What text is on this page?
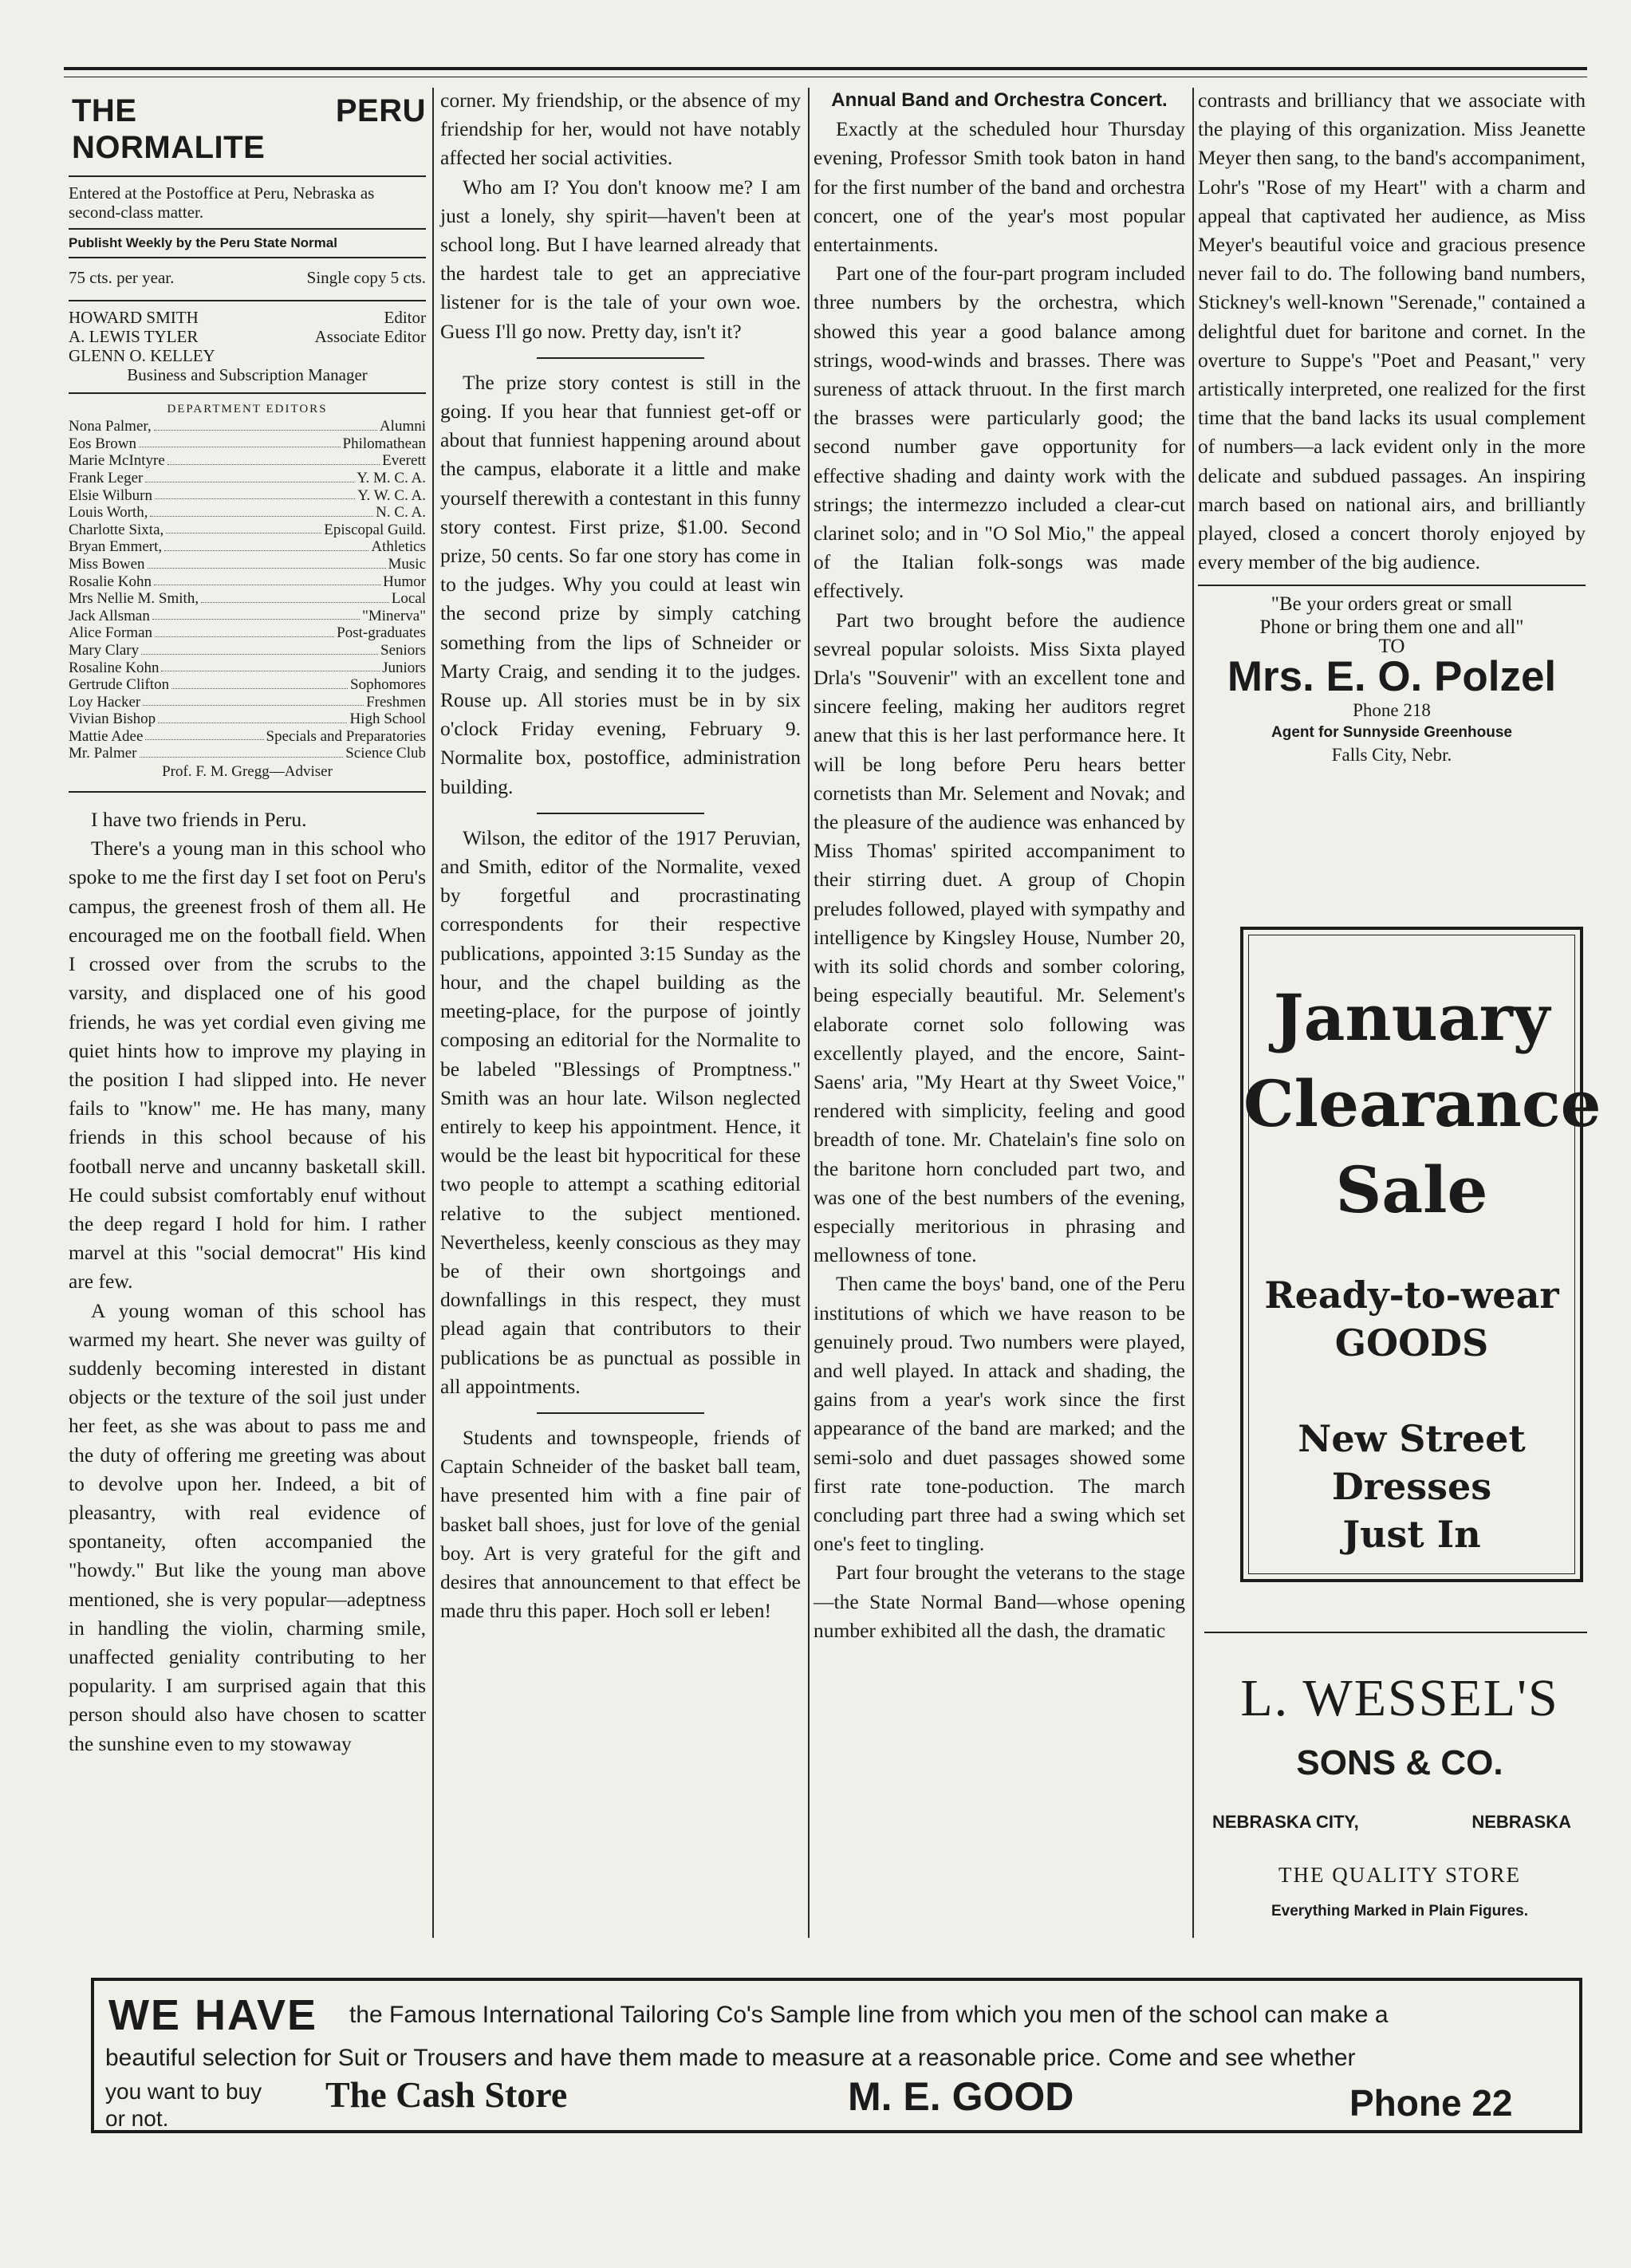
THE PERU NORMALITE
Entered at the Postoffice at Peru, Nebraska as second-class matter.
Publisht Weekly by the Peru State Normal
75 cts. per year.	Single copy 5 cts.
HOWARD SMITH	Editor
A. LEWIS TYLER	Associate Editor
GLENN O. KELLEY
Business and Subscription Manager
DEPARTMENT EDITORS
Nona Palmer,	Alumni
Eos Brown	Philomathean
Marie McIntyre	Everett
Frank Leger	Y. M. C. A.
Elsie Wilburn	Y. W. C. A.
Louis Worth,	N. C. A.
Charlotte Sixta,	Episcopal Guild.
Bryan Emmert,	Athletics
Miss Bowen	Music
Rosalie Kohn	Humor
Mrs Nellie M. Smith,	Local
Jack Allsman	"Minerva"
Alice Forman	Post-graduates
Mary Clary	Seniors
Rosaline Kohn	Juniors
Gertrude Clifton	Sophomores
Loy Hacker	Freshmen
Vivian Bishop	High School
Mattie Adee	Specials and Preparatories
Mr. Palmer	Science Club
Prof. F. M. Gregg—Adviser

I have two friends in Peru.

There's a young man in this school who spoke to me the first day I set foot on Peru's campus, the greenest frosh of them all. He encouraged me on the football field. When I crossed over from the scrubs to the varsity, and displaced one of his good friends, he was yet cordial even giving me quiet hints how to improve my playing in the position I had slipped into. He never fails to "know" me. He has many, many friends in this school because of his football nerve and uncanny basketall skill. He could subsist comfortably enuf without the deep regard I hold for him. I rather marvel at this "social democrat" His kind are few.

A young woman of this school has warmed my heart. She never was guilty of suddenly becoming interested in distant objects or the texture of the soil just under her feet, as she was about to pass me and the duty of offering me greeting was about to devolve upon her. Indeed, a bit of pleasantry, with real evidence of spontaneity, often accompanied the "howdy." But like the young man above mentioned, she is very popular—adeptness in handling the violin, charming smile, unaffected geniality contributing to her popularity. I am surprised again that this person should also have chosen to scatter the sunshine even to my stowaway

corner. My friendship, or the absence of my friendship for her, would not have notably affected her social activities.

Who am I? You don't knoow me? I am just a lonely, shy spirit—haven't been at school long. But I have learned already that the hardest tale to get an appreciative listener for is the tale of your own woe. Guess I'll go now. Pretty day, isn't it?

The prize story contest is still in the going. If you hear that funniest get-off or about that funniest happening around about the campus, elaborate it a little and make yourself therewith a contestant in this funny story contest. First prize, $1.00. Second prize, 50 cents. So far one story has come in to the judges. Why you could at least win the second prize by simply catching something from the lips of Schneider or Marty Craig, and sending it to the judges. Rouse up. All stories must be in by six o'clock Friday evening, February 9. Normalite box, postoffice, administration building.

Wilson, the editor of the 1917 Peruvian, and Smith, editor of the Normalite, vexed by forgetful and procrastinating correspondents for their respective publications, appointed 3:15 Sunday as the hour, and the chapel building as the meeting-place, for the purpose of jointly composing an editorial for the Normalite to be labeled "Blessings of Promptness." Smith was an hour late. Wilson neglected entirely to keep his appointment. Hence, it would be the least bit hypocritical for these two people to attempt a scathing editorial relative to the subject mentioned. Nevertheless, keenly conscious as they may be of their own shortgoings and downfallings in this respect, they must plead again that contributors to their publications be as punctual as possible in all appointments.

Students and townspeople, friends of Captain Schneider of the basket ball team, have presented him with a fine pair of basket ball shoes, just for love of the genial boy. Art is very grateful for the gift and desires that announcement to that effect be made thru this paper. Hoch soll er leben!

Annual Band and Orchestra Concert.

Exactly at the scheduled hour Thursday evening, Professor Smith took baton in hand for the first number of the band and orchestra concert, one of the year's most popular entertainments.

Part one of the four-part program included three numbers by the orchestra, which showed this year a good balance among strings, wood-winds and brasses. There was sureness of attack thruout. In the first march the brasses were particularly good; the second number gave opportunity for effective shading and dainty work with the strings; the intermezzo included a clear-cut clarinet solo; and in "O Sol Mio," the appeal of the Italian folk-songs was made effectively.

Part two brought before the audience sevreal popular soloists. Miss Sixta played Drla's "Souvenir" with an excellent tone and sincere feeling, making her auditors regret anew that this is her last performance here. It will be long before Peru hears better cornetists than Mr. Selement and Novak; and the pleasure of the audience was enhanced by Miss Thomas' spirited accompaniment to their stirring duet. A group of Chopin preludes followed, played with sympathy and intelligence by Kingsley House, Number 20, with its solid chords and somber coloring, being especially beautiful. Mr. Selement's elaborate cornet solo following was excellently played, and the encore, Saint-Saens' aria, "My Heart at thy Sweet Voice," rendered with simplicity, feeling and good breadth of tone. Mr. Chatelain's fine solo on the baritone horn concluded part two, and was one of the best numbers of the evening, especially meritorious in phrasing and mellowness of tone.

Then came the boys' band, one of the Peru institutions of which we have reason to be genuinely proud. Two numbers were played, and well played. In attack and shading, the gains from a year's work since the first appearance of the band are marked; and the semi-solo and duet passages showed some first rate tone-poduction. The march concluding part three had a swing which set one's feet to tingling.

Part four brought the veterans to the stage—the State Normal Band—whose opening number exhibited all the dash, the dramatic

contrasts and brilliancy that we associate with the playing of this organization. Miss Jeanette Meyer then sang, to the band's accompaniment, Lohr's "Rose of my Heart" with a charm and appeal that captivated her audience, as Miss Meyer's beautiful voice and gracious presence never fail to do. The following band numbers, Stickney's well-known "Serenade," contained a delightful duet for baritone and cornet. In the overture to Suppe's "Poet and Peasant," very artistically interpreted, one realized for the first time that the band lacks its usual complement of numbers—a lack evident only in the more delicate and subdued passages. An inspiring march based on national airs, and brilliantly played, closed a concert thoroly enjoyed by every member of the big audience.

"Be your orders great or small
Phone or bring them one and all"
TO
Mrs. E. O. Polzel
Phone 218
Agent for Sunnyside Greenhouse
Falls City, Nebr.
January
Clearance
Sale
Ready-to-wear
GOODS
New Street
Dresses
Just In
L. WESSEL'S
SONS & CO.
NEBRASKA CITY,	NEBRASKA
THE QUALITY STORE
Everything Marked in Plain Figures.
WE HAVE the Famous International Tailoring Co's Sample line from which you men of the school can make a
beautiful selection for Suit or Trousers and have them made to measure at a reasonable price. Come and see whether
you want to buy or not.
The Cash Store	M. E. GOOD	Phone 22
